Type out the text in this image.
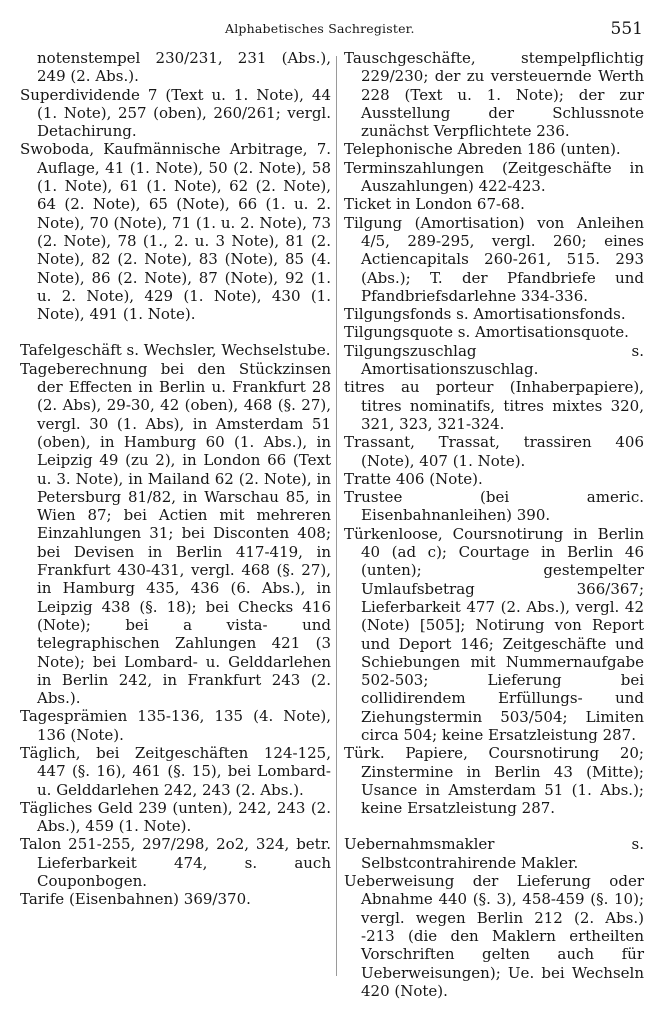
Alphabetisches Sachregister.	551

notenstempel 230/231, 231 (Abs.), 249 (2. Abs.).

Superdividende 7 (Text u. 1. Note), 44 (1. Note), 257 (oben), 260/261; vergl. Detachirung.

Swoboda, Kaufmännische Arbitrage, 7. Auflage, 41 (1. Note), 50 (2. Note), 58 (1. Note), 61 (1. Note), 62 (2. Note), 64 (2. Note), 65 (Note), 66 (1. u. 2. Note), 70 (Note), 71 (1. u. 2. Note), 73 (2. Note), 78 (1., 2. u. 3 Note), 81 (2. Note), 82 (2. Note), 83 (Note), 85 (4. Note), 86 (2. Note), 87 (Note), 92 (1. u. 2. Note), 429 (1. Note), 430 (1. Note), 491 (1. Note).

Tafelgeschäft s. Wechsler, Wechselstube.

Tageberechnung bei den Stückzinsen der Effecten in Berlin u. Frankfurt 28 (2. Abs), 29-30, 42 (oben), 468 (§. 27), vergl. 30 (1. Abs), in Amsterdam 51 (oben), in Hamburg 60 (1. Abs.), in Leipzig 49 (zu 2), in London 66 (Text u. 3. Note), in Mailand 62 (2. Note), in Petersburg 81/82, in Warschau 85, in Wien 87; bei Actien mit mehreren Einzahlungen 31; bei Disconten 408; bei Devisen in Berlin 417-419, in Frankfurt 430-431, vergl. 468 (§. 27), in Hamburg 435, 436 (6. Abs.), in Leipzig 438 (§. 18); bei Checks 416 (Note); bei a vista- und telegraphischen Zahlungen 421 (3 Note); bei Lombard- u. Gelddarlehen in Berlin 242, in Frankfurt 243 (2. Abs.).

Tagesprämien 135-136, 135 (4. Note), 136 (Note).

Täglich, bei Zeitgeschäften 124-125, 447 (§. 16), 461 (§. 15), bei Lombard- u. Gelddarlehen 242, 243 (2. Abs.).

Tägliches Geld 239 (unten), 242, 243 (2. Abs.), 459 (1. Note).

Talon 251-255, 297/298, 2o2, 324, betr. Lieferbarkeit 474, s. auch Couponbogen.

Tarife (Eisenbahnen) 369/370.

Tauschgeschäfte, stempelpflichtig 229/230; der zu versteuernde Werth 228 (Text u. 1. Note); der zur Ausstellung der Schlussnote zunächst Verpflichtete 236.

Telephonische Abreden 186 (unten).

Terminszahlungen (Zeitgeschäfte in Auszahlungen) 422-423.

Ticket in London 67-68.

Tilgung (Amortisation) von Anleihen 4/5, 289-295, vergl. 260; eines Actiencapitals 260-261, 515. 293 (Abs.); T. der Pfandbriefe und Pfandbriefsdarlehne 334-336.

Tilgungsfonds s. Amortisationsfonds.

Tilgungsquote s. Amortisationsquote.

Tilgungszuschlag s. Amortisationszuschlag.

titres au porteur (Inhaberpapiere), titres nominatifs, titres mixtes 320, 321, 323, 321-324.

Trassant, Trassat, trassiren 406 (Note), 407 (1. Note).

Tratte 406 (Note).

Trustee (bei americ. Eisenbahnanleihen) 390.

Türkenloose, Coursnotirung in Berlin 40 (ad c); Courtage in Berlin 46 (unten); gestempelter Umlaufsbetrag 366/367; Lieferbarkeit 477 (2. Abs.), vergl. 42 (Note) [505]; Notirung von Report und Deport 146; Zeitgeschäfte und Schiebungen mit Nummernaufgabe 502-503; Lieferung bei collidirendem Erfüllungs- und Ziehungstermin 503/504; Limiten circa 504; keine Ersatzleistung 287.

Türk. Papiere, Coursnotirung 20; Zinstermine in Berlin 43 (Mitte); Usance in Amsterdam 51 (1. Abs.); keine Ersatzleistung 287.

Uebernahmsmakler s. Selbstcontrahirende Makler.

Ueberweisung der Lieferung oder Abnahme 440 (§. 3), 458-459 (§. 10); vergl. wegen Berlin 212 (2. Abs.) -213 (die den Maklern ertheilten Vorschriften gelten auch für Ueberweisungen); Ue. bei Wechseln 420 (Note).
